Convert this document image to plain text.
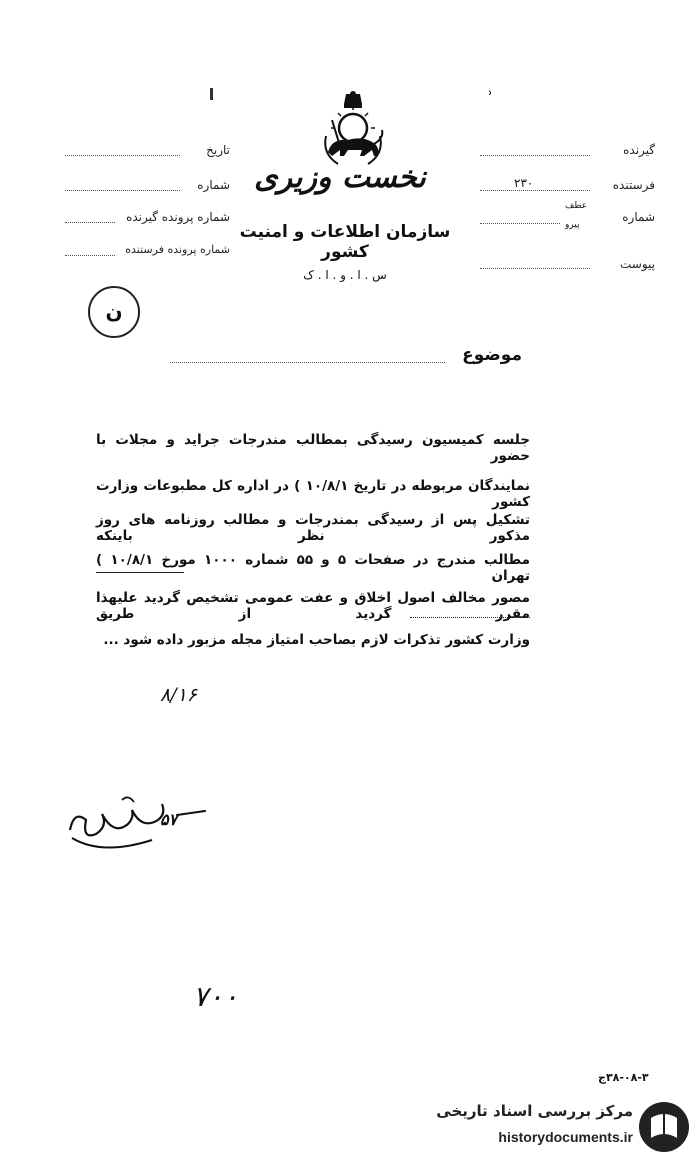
ʾ
گیرنده
فرستنده
۲۳۰
شماره
عطف
پیرو
پیوست
تاریخ
شماره
شماره پرونده گیرنده
شماره پرونده فرستنده
نخست وزیری
سازمان اطلاعات و امنیت کشور
س . ا . و . ا . ک
ن
موضوع
جلسه کمیسیون رسیدگی بمطالب مندرجات جراید و مجلات با حضور
نمایندگان مربوطه در تاریخ ۱۰/۸/۱ ) در اداره کل مطبوعات وزارت کشور
تشکیل پس از رسیدگی بمندرجات و مطالب روزنامه های روز مذکور نظر باینکه
مطالب مندرج در صفحات ۵ و ۵۵ شماره ۱۰۰۰ مورخ ۱۰/۸/۱ ) تهران
مصور مخالف اصول اخلاق و عفت عمومی تشخیص گردید علیهذا مقرر گردید از طریق
وزارت کشور تذکرات لازم بصاحب امتیاز مجله مزبور داده شود ...
۸/۱۶
۵۷
۷۰۰
۳۸-۰۸-۳ج
مرکز بررسی اسناد تاریخی
historydocuments.ir
